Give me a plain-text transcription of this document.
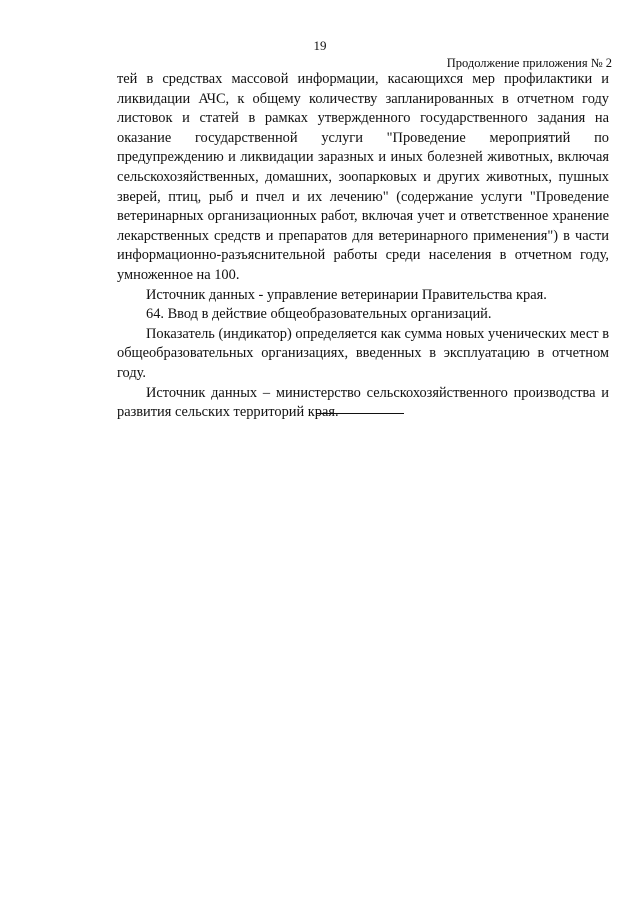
19
Продолжение приложения № 2

тей в средствах массовой информации, касающихся мер профилактики и ликвидации АЧС, к общему количеству запланированных в отчетном году листовок и статей в рамках утвержденного государственного задания на оказание государственной услуги "Проведение мероприятий по предупреждению и ликвидации заразных и иных болезней животных, включая сельскохозяйственных, домашних, зоопарковых и других животных, пушных зверей, птиц, рыб и пчел и их лечению" (содержание услуги "Проведение ветеринарных организационных работ, включая учет и ответственное хранение лекарственных средств и препаратов для ветеринарного применения") в части информационно-разъяснительной работы среди населения в отчетном году, умноженное на 100.

Источник данных - управление ветеринарии Правительства края.

64. Ввод в действие общеобразовательных организаций.

Показатель (индикатор) определяется как сумма новых ученических мест в общеобразовательных организациях, введенных в эксплуатацию в отчетном году.

Источник данных – министерство сельскохозяйственного производства и развития сельских территорий края.
